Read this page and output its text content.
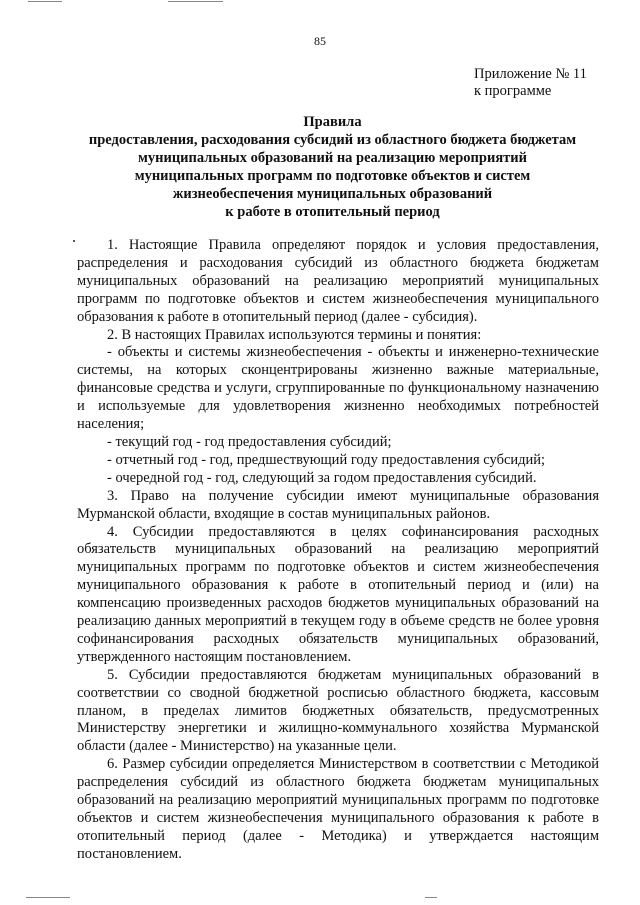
85
Приложение № 11
к программе
Правила
предоставления, расходования субсидий из областного бюджета бюджетам
муниципальных образований на реализацию мероприятий
муниципальных программ по подготовке объектов и систем
жизнеобеспечения муниципальных образований
к работе в отопительный период

1. Настоящие Правила определяют порядок и условия предоставления, распределения и расходования субсидий из областного бюджета бюджетам муниципальных образований на реализацию мероприятий муниципальных программ по подготовке объектов и систем жизнеобеспечения муниципального образования к работе в отопительный период (далее - субсидия).

2. В настоящих Правилах используются термины и понятия:

- объекты и системы жизнеобеспечения - объекты и инженерно-технические системы, на которых сконцентрированы жизненно важные материальные, финансовые средства и услуги, сгруппированные по функциональному назначению и используемые для удовлетворения жизненно необходимых потребностей населения;

- текущий год - год предоставления субсидий;

- отчетный год - год, предшествующий году предоставления субсидий;

- очередной год - год, следующий за годом предоставления субсидий.

3. Право на получение субсидии имеют муниципальные образования Мурманской области, входящие в состав муниципальных районов.

4. Субсидии предоставляются в целях софинансирования расходных обязательств муниципальных образований на реализацию мероприятий муниципальных программ по подготовке объектов и систем жизнеобеспечения муниципального образования к работе в отопительный период и (или) на компенсацию произведенных расходов бюджетов муниципальных образований на реализацию данных мероприятий в текущем году в объеме средств не более уровня софинансирования расходных обязательств муниципальных образований, утвержденного настоящим постановлением.

5. Субсидии предоставляются бюджетам муниципальных образований в соответствии со сводной бюджетной росписью областного бюджета, кассовым планом, в пределах лимитов бюджетных обязательств, предусмотренных Министерству энергетики и жилищно-коммунального хозяйства Мурманской области (далее - Министерство) на указанные цели.

6. Размер субсидии определяется Министерством в соответствии с Методикой распределения субсидий из областного бюджета бюджетам муниципальных образований на реализацию мероприятий муниципальных программ по подготовке объектов и систем жизнеобеспечения муниципального образования к работе в отопительный период (далее - Методика) и утверждается настоящим постановлением.
